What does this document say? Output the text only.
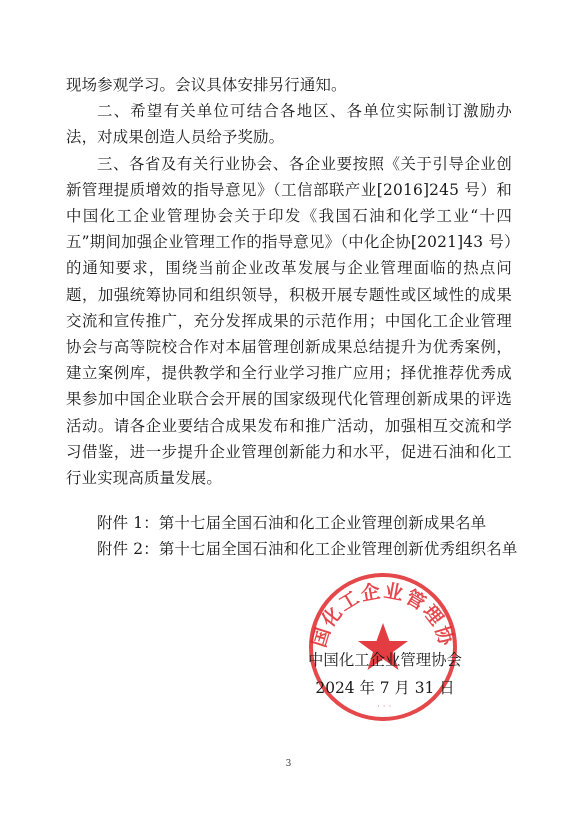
现场参观学习。会议具体安排另行通知。

二、希望有关单位可结合各地区、各单位实际制订激励办法，对成果创造人员给予奖励。

三、各省及有关行业协会、各企业要按照《关于引导企业创新管理提质增效的指导意见》（工信部联产业[2016]245 号）和中国化工企业管理协会关于印发《我国石油和化学工业“十四五”期间加强企业管理工作的指导意见》（中化企协[2021]43 号）的通知要求，围绕当前企业改革发展与企业管理面临的热点问题，加强统筹协同和组织领导，积极开展专题性或区域性的成果交流和宣传推广，充分发挥成果的示范作用；中国化工企业管理协会与高等院校合作对本届管理创新成果总结提升为优秀案例，建立案例库，提供教学和全行业学习推广应用；择优推荐优秀成果参加中国企业联合会开展的国家级现代化管理创新成果的评选活动。请各企业要结合成果发布和推广活动，加强相互交流和学习借鉴，进一步提升企业管理创新能力和水平，促进石油和化工行业实现高质量发展。

附件 1：第十七届全国石油和化工企业管理创新成果名单
附件 2：第十七届全国石油和化工企业管理创新优秀组织名单
国化工企业管理协
· · ·
中国化工企业管理协会
2024 年 7 月 31 日
3
